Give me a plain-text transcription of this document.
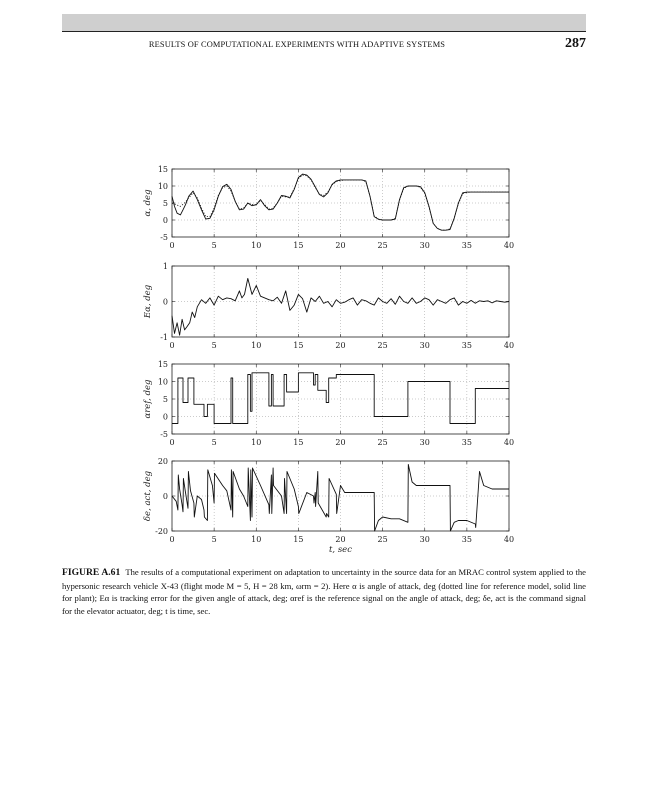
RESULTS OF COMPUTATIONAL EXPERIMENTS WITH ADAPTIVE SYSTEMS	287
0	5	10	15	20	25	30	35	40
-5
0
5
10
15
α, deg
0	5	10	15	20	25	30	35	40
-1
0
1
Eα, deg
0	5	10	15	20	25	30	35	40
-5
0
5
10
15
αref, deg
0	5	10	15	20	25	30	35	40
-20
0
20
δe, act, deg
t, sec
FIGURE A.61 The results of a computational experiment on adaptation to uncertainty in the source data for an MRAC control system applied to the hypersonic research vehicle X-43 (flight mode M = 5, H = 28 km, ωrm = 2). Here α is angle of attack, deg (dotted line for reference model, solid line for plant); Eα is tracking error for the given angle of attack, deg; αref is the reference signal on the angle of attack, deg; δe, act is the command signal for the elevator actuator, deg; t is time, sec.
